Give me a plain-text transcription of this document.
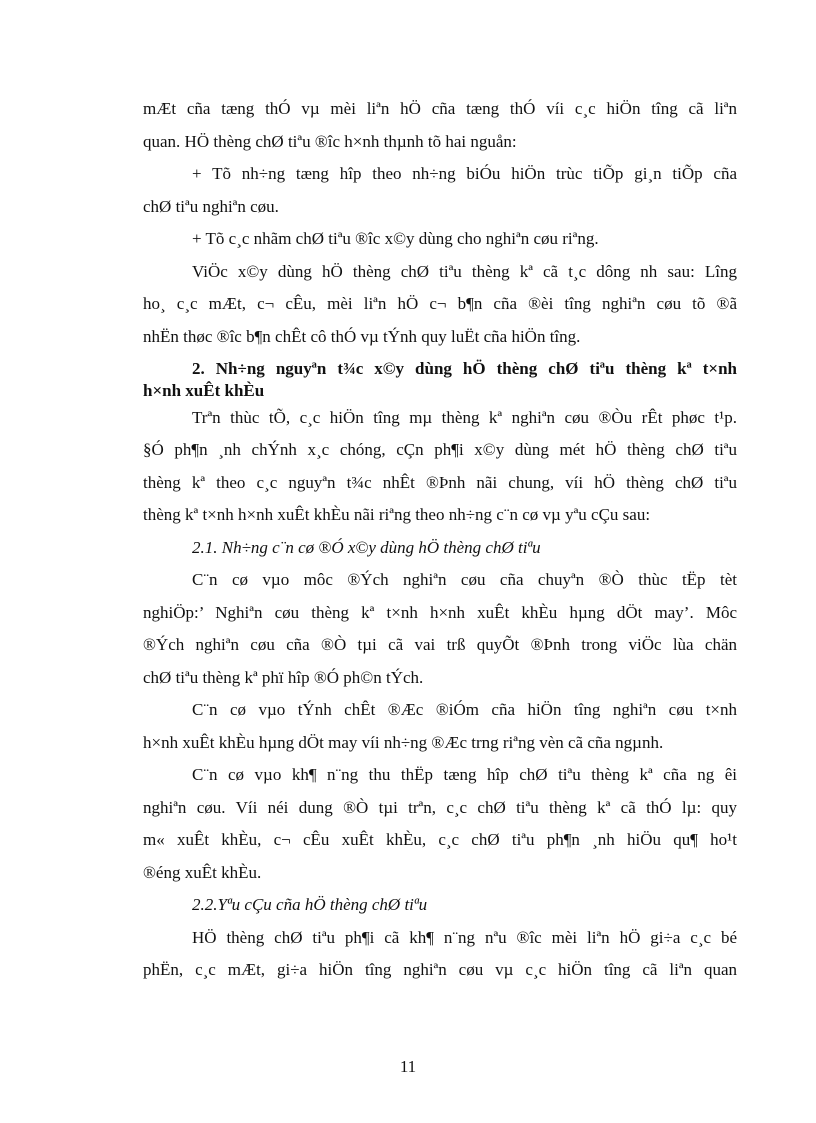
mÆt cña tæng thÓ vµ mèi liªn hÖ cña tæng thÓ víi c¸c hiÖn tîng cã liªn
quan. HÖ thèng chØ tiªu ®îc h×nh thµnh tõ hai nguån:
+ Tõ nh÷ng tæng hîp theo nh÷ng biÓu hiÖn trùc tiÕp gi¸n tiÕp cña
chØ tiªu nghiªn cøu.
+ Tõ c¸c nhãm chØ tiªu ®îc x©y dùng cho nghiªn cøu riªng.
ViÖc x©y dùng hÖ thèng chØ tiªu thèng kª cã t¸c dông nh sau: Lîng
ho¸ c¸c mÆt, c¬ cÊu, mèi liªn hÖ c¬ b¶n cña ®èi tîng nghiªn cøu tõ ®ã
nhËn thøc ®îc b¶n chÊt cô thÓ vµ tÝnh quy luËt cña hiÖn tîng.
2. Nh÷ng nguyªn t¾c x©y dùng hÖ thèng chØ tiªu thèng kª t×nh
h×nh xuÊt khÈu
Trªn thùc tÕ, c¸c hiÖn tîng mµ thèng kª nghiªn cøu ®Òu rÊt phøc t¹p.
§Ó ph¶n ¸nh chÝnh x¸c chóng, cÇn ph¶i x©y dùng mét hÖ thèng chØ tiªu
thèng kª theo c¸c nguyªn t¾c nhÊt ®Þnh nãi chung, víi hÖ thèng chØ tiªu
thèng kª t×nh h×nh xuÊt khÈu nãi riªng theo nh÷ng c¨n cø vµ yªu cÇu sau:
2.1. Nh÷ng c¨n cø ®Ó x©y dùng hÖ thèng chØ tiªu
C¨n cø vµo môc ®Ých nghiªn cøu cña chuyªn ®Ò thùc tËp tèt
nghiÖp:’ Nghiªn cøu thèng kª t×nh h×nh xuÊt khÈu hµng dÖt may’. Môc
®Ých nghiªn cøu cña ®Ò tµi cã vai trß quyÕt ®Þnh trong viÖc lùa chän
chØ tiªu thèng kª phï hîp ®Ó ph©n tÝch.
C¨n cø vµo tÝnh chÊt ®Æc ®iÓm cña hiÖn tîng nghiªn cøu t×nh
h×nh xuÊt khÈu hµng dÖt may víi nh÷ng ®Æc trng riªng vèn cã cña ngµnh.
C¨n cø vµo kh¶ n¨ng thu thËp tæng hîp chØ tiªu thèng kª cña ng êi
nghiªn cøu. Víi néi dung ®Ò tµi trªn, c¸c chØ tiªu thèng kª cã thÓ lµ: quy
m« xuÊt khÈu, c¬ cÊu xuÊt khÈu, c¸c chØ tiªu ph¶n ¸nh hiÖu qu¶ ho¹t
®éng xuÊt khÈu.
2.2.Yªu cÇu cña hÖ thèng chØ tiªu
HÖ thèng chØ tiªu ph¶i cã kh¶ n¨ng nªu ®îc mèi liªn hÖ gi÷a c¸c bé
phËn, c¸c mÆt, gi÷a hiÖn tîng nghiªn cøu vµ c¸c hiÖn tîng cã liªn quan
11
